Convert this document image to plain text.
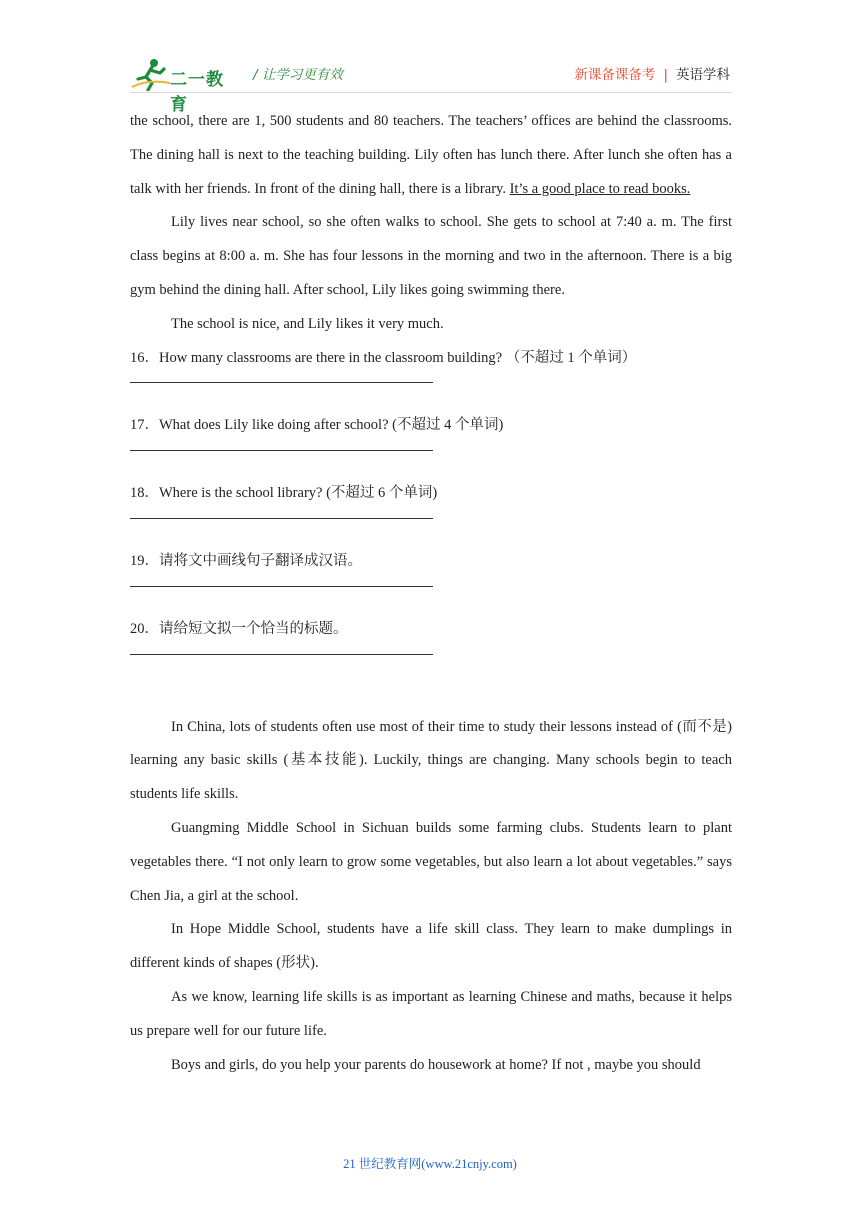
二一教育
/ 让学习更有效	新课备课备考 | 英语学科

the school, there are 1, 500 students and 80 teachers. The teachers’ offices are behind the classrooms. The dining hall is next to the teaching building. Lily often has lunch there. After lunch she often has a talk with her friends. In front of the dining hall, there is a library. It’s a good place to read books.

Lily lives near school, so she often walks to school. She gets to school at 7:40 a. m. The first class begins at 8:00 a. m. She has four lessons in the morning and two in the afternoon. There is a big gym behind the dining hall. After school, Lily likes going swimming there.

The school is nice, and Lily likes it very much.

16．How many classrooms are there in the classroom building? （不超过 1 个单词）

17．What does Lily like doing after school? (不超过 4 个单词)

18．Where is the school library? (不超过 6 个单词)

19．请将文中画线句子翻译成汉语。

20．请给短文拟一个恰当的标题。

In China, lots of students often use most of their time to study their lessons instead of (而不是) learning any basic skills (基本技能). Luckily, things are changing. Many schools begin to teach students life skills.

Guangming Middle School in Sichuan builds some farming clubs. Students learn to plant vegetables there. “I not only learn to grow some vegetables, but also learn a lot about vegetables.” says Chen Jia, a girl at the school.

In Hope Middle School, students have a life skill class. They learn to make dumplings in different kinds of shapes (形状).

As we know, learning life skills is as important as learning Chinese and maths, because it helps us prepare well for our future life.

Boys and girls, do you help your parents do housework at home? If not , maybe you should

21 世纪教育网(www.21cnjy.com)
